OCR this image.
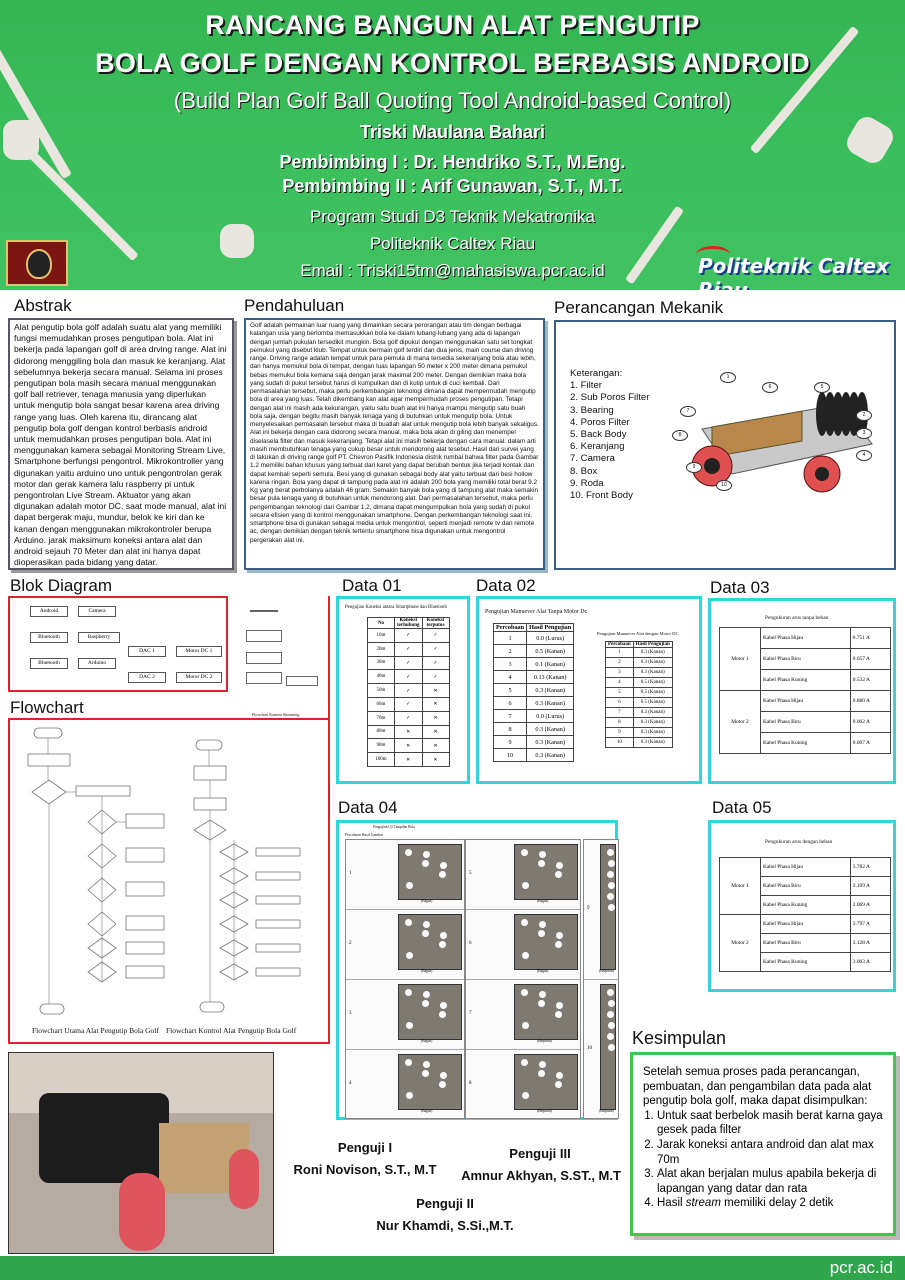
RANCANG BANGUN ALAT PENGUTIP
BOLA GOLF DENGAN KONTROL BERBASIS ANDROID
(Build Plan Golf Ball Quoting Tool Android-based Control)
Triski Maulana Bahari
Pembimbing I : Dr. Hendriko S.T., M.Eng.
Pembimbing II : Arif Gunawan, S.T., M.T.
Program Studi D3 Teknik Mekatronika
Politeknik Caltex Riau
Email : Triski15tm@mahasiswa.pcr.ac.id	Politeknik Caltex
Abstrak	Pendahuluan	Perancangan Mekanik
Alat pengutip bola golf adalah suatu alat yang memiliki fungsi memudahkan proses pengutipan bola. Alat ini bekerja pada lapangan golf di area drving range. Alat ini didorong menggiling bola dan masuk ke keranjang. Alat sebelumnya bekerja secara manual. Selama ini proses pengutipan bola masih secara manual menggunakan golf ball retriever, tenaga manusia yang diperlukan untuk mengutip bola sangat besar karena area driving range yang luas. Oleh karena itu, dirancang alat pengutip bola golf dengan kontrol berbasis android untuk memudahkan proses pengutipan bola. Alat ini menggunakan kamera sebagai Monitoring Stream Live, Smartphone berfungsi pengontrol. Mikrokontroller yang digunakan yaitu arduino uno untuk pengontrolan gerak motor dan gerak kamera lalu raspberry pi untuk pengontrolan Live Stream. Aktuator yang akan digunakan adalah motor DC. saat mode manual, alat ini dapat bergerak maju, mundur, belok ke kiri dan ke kanan dengan menggunakan mikrokontroler berupa Arduino. jarak maksimum koneksi antara alat dan android sejauh 70 Meter dan alat ini hanya dapat dioperasikan pada bidang yang datar.
Golf adalah permainan luar ruang yang dimainkan secara perorangan atau tim dengan berbagai kalangan usia yang berlomba memasukkan bola ke dalam lubang-lubang yang ada di lapangan dengan jumlah pukulan tersedikit mungkin. Bola golf dipukul dengan menggunakan satu set tongkat pemukul yang disebut klub. Tempat untuk bermain golf terdiri dan dua jenis, main course dan driving range. Driving range adalah tempat untuk para pemula di mana tersedia sekeranjang bola atau lebih, dan hanya memukul bola di tempat, dengan luas lapangan 50 meter x 200 meter dimana pemukul bebas memukul bola kemana saja dengan jarak maximal 200 meter. Dengan demikian maka bola yang sudah di pukul tersebut harus di kumpulkan dan di kutip untuk di cuci kembali. Dari permasalahan tersebut, maka perlu perkembangan teknologi dimana dapat mempermudah mengutip bola di area yang luas. Telah dikembang kan alat agar mempermudah proses pengutipan. Tetapi dengan alat ini masih ada kekurangan, yaitu satu buah alat ini hanya mampu mengutip satu buah bola saja, dengan begitu masih banyak tenaga yang di butuhkan untuk mengutip bola. Untuk menyelesaikan permasalah tersebut maka di buatlah alat untuk mengutip bola lebih banyak sekaligus. Alat ini bekerja dengan cara didorong secara manual, maka bola akan di giling dan menempel diselasela filter dan masuk kekeranjang. Tetapi alat ini masih bekerja dengan cara manual. dalam arti masih membutuhkan tenaga yang cukup besar untuk mendorong alat tesebut. Hasil dari survei yang di lakukan di driving range golf PT. Chevron Pasifik Indonesia distrik rumbai bahwa filter pada Gambar 1.2 memiliki bahan khusus yang terbuat dari karet yang dapat berubah bentuk jika terjadi kontak dan dapat kembali seperti semula. Besi yang di gunakan sebagai body alat yaitu terbuat dari besi hollow karena ringan. Bola yang dapat di tampung pada alat ini adalah 200 bola yang memiliki total berat 9.2 Kg yang berat perbolanya adalah 46 gram. Semakin banyak bola yang di tampung alat maka semakin besar pula tenaga yang di butuhkan untuk mendorong alat. Dari permasalahan tersebut, maka perlu pengembangan teknologi dari Gambar 1.2, dimana dapat mengumpulkan bola yang sudah di pukul secara efisien yang di kontrol menggunakan smartphone. Dengan perkembangan teknologi saat ini, smartphone bisa di gunakan sebagai media untuk mengontrol, seperti menjadi remote tv dan remote ac, dengan demikian dengan teknik tertentu smartphone bisa digunakan untuk mengontrol pergerakan alat ini.
Keterangan:
1. Filter
2. Sub Poros Filter
3. Bearing
4. Poros Filter
5. Back Body
6. Keranjang
7. Camera
8. Box
9. Roda
10. Front Body
1
2
3
4
5
6
7
8
9
10
Blok Diagram
Android	Camera
Bluetooth	Raspberry
Bluetooth	Arduino
DAC 1
DAC 2
Motor DC 1
Motor DC 2
Flowchart Kamera Streaming
Flowchart
Flowchart Utama Alat Pengutip Bola Golf Flowchart Kontrol Alat Pengutip Bola Golf
Data 01
Pengujian Koneksi antara Smartphone dan Bluetooth
No	Koneksi terhubung	Koneksi terputus
10m	✓	✓
20m	✓	✓
30m	✓	✓
40m	✓	✓
50m	✓	✕
60m	✓	✕
70m	✓	✕
80m	✕	✕
90m	✕	✕
100m	✕	✕
Data 02
Pengujian Manuever Alat Tanpa Motor Dc
Percobaan	Hasil Pengujian
1	0.0 (Lurus)
2	0.5 (Kanan)
3	0.1 (Kanan)
4	0.13 (Kanan)
5	0.3 (Kanan)
6	0.3 (Kanan)
7	0.0 (Lurus)
8	0.3 (Kanan)
9	0.3 (Kanan)
10	0.3 (Kanan)
Pengujian Manuever Alat dengan Motor DC
Percobaan	Hasil Pengujian
1	0.3 (Kanan)
2	0.3 (Kanan)
3	0.3 (Kanan)
4	0.5 (Kanan)
5	0.5 (Kanan)
6	0.5 (Kanan)
7	0.3 (Kanan)
8	0.3 (Kanan)
9	0.3 (Kanan)
10	0.3 (Kanan)
Data 03
Pengukuran arus tanpa beban
Motor 1	Kabel Phasa Hijau	0.751 A
	Kabel Phasa Biru	0.657 A
	Kabel Phasa Kuning	0.532 A
Motor 2	Kabel Phasa Hijau	0.880 A
	Kabel Phasa Biru	0.002 A
	Kabel Phasa Kuning	0.007 A
Data 04
Pengujian Uji Tampilan Bola
Percobaan Hasil Gambar
1
(Bagus)
2
(Bagus)
3
(Bagus)
4
(Bagus)
5
(Bagus)
6
(Bagus)
7
(Berputar)
8
(Berputar)
9
(Berputar)
10
(Berputar)
Data 05
Pengukuran arus dengan beban
Motor 1	Kabel Phasa Hijau	3.782 A
	Kabel Phasa Biru	3.109 A
	Kabel Phasa Kuning	2.069 A
Motor 2	Kabel Phasa Hijau	3.797 A
	Kabel Phasa Biru	3.128 A
	Kabel Phasa Kuning	3.003 A
Kesimpulan
Setelah semua proses pada perancangan, pembuatan, dan pengambilan data pada alat pengutip bola golf, maka dapat disimpulkan:
1. Untuk saat berbelok masih berat karna gaya gesek pada filter
2. Jarak koneksi antara android dan alat max 70m
3. Alat akan berjalan mulus apabila bekerja di lapangan yang datar dan rata
4. Hasil stream memiliki delay 2 detik
Penguji I
Roni Novison, S.T., M.T
Penguji III
Amnur Akhyan, S.ST., M.T
Penguji II
Nur Khamdi, S.Si.,M.T.
pcr.ac.id
